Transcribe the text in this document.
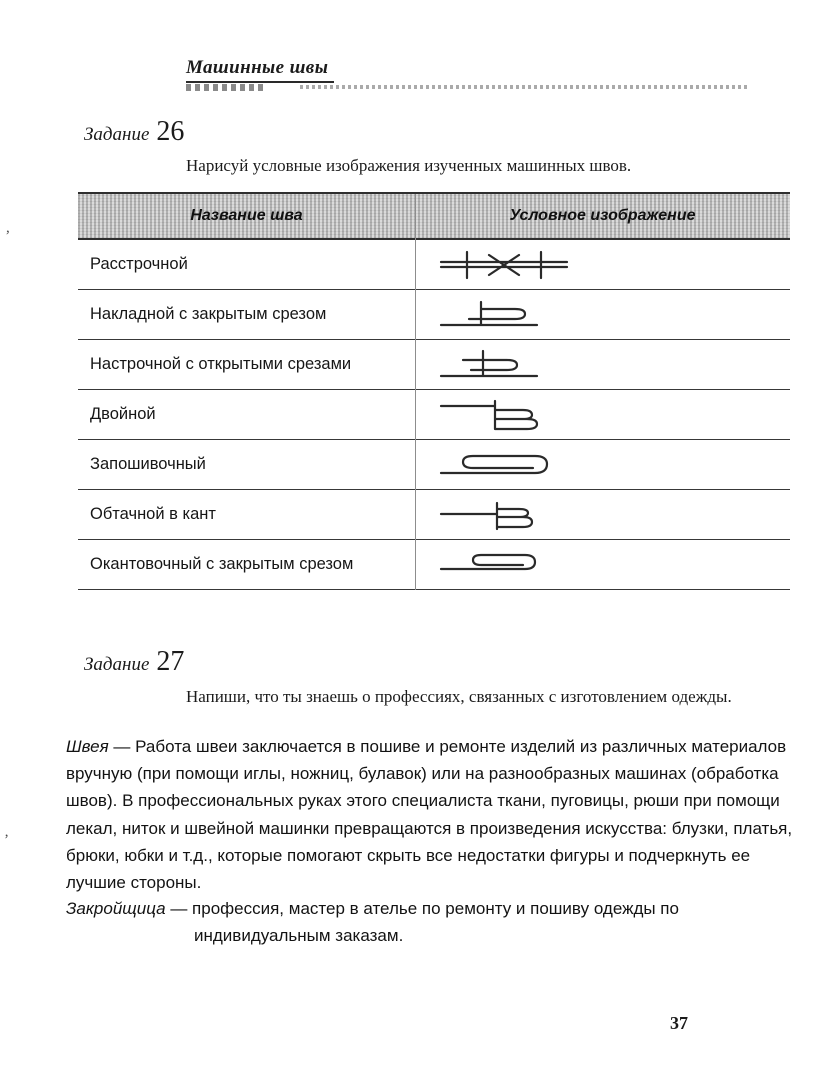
Машинные швы
,
’
Задание 26

Нарисуй условные изображения изученных машинных швов.

Название шва	Условное изображение
Расстрочной
Накладной с закрытым срезом
Настрочной с открытыми срезами
Двойной
Запошивочный
Обтачной в кант
Окантовочный с закрытым срезом
Задание 27

Напиши, что ты знаешь о профессиях, связанных с изготовлением одежды.

Швея — Работа швеи заключается в пошиве и ремонте изделий из различных материалов вручную (при помощи иглы, ножниц, булавок) или на разнообразных машинах (обработка швов). В профессиональных руках этого специалиста ткани, пуговицы, рюши при помощи лекал, ниток и швейной машинки превращаются в произведения искусства: блузки, платья, брюки, юбки и т.д., которые помогают скрыть все недостатки фигуры и подчеркнуть ее лучшие стороны.

Закройщица — профессия, мастер в ателье по ремонту и пошиву одежды по индивидуальным заказам.

37
